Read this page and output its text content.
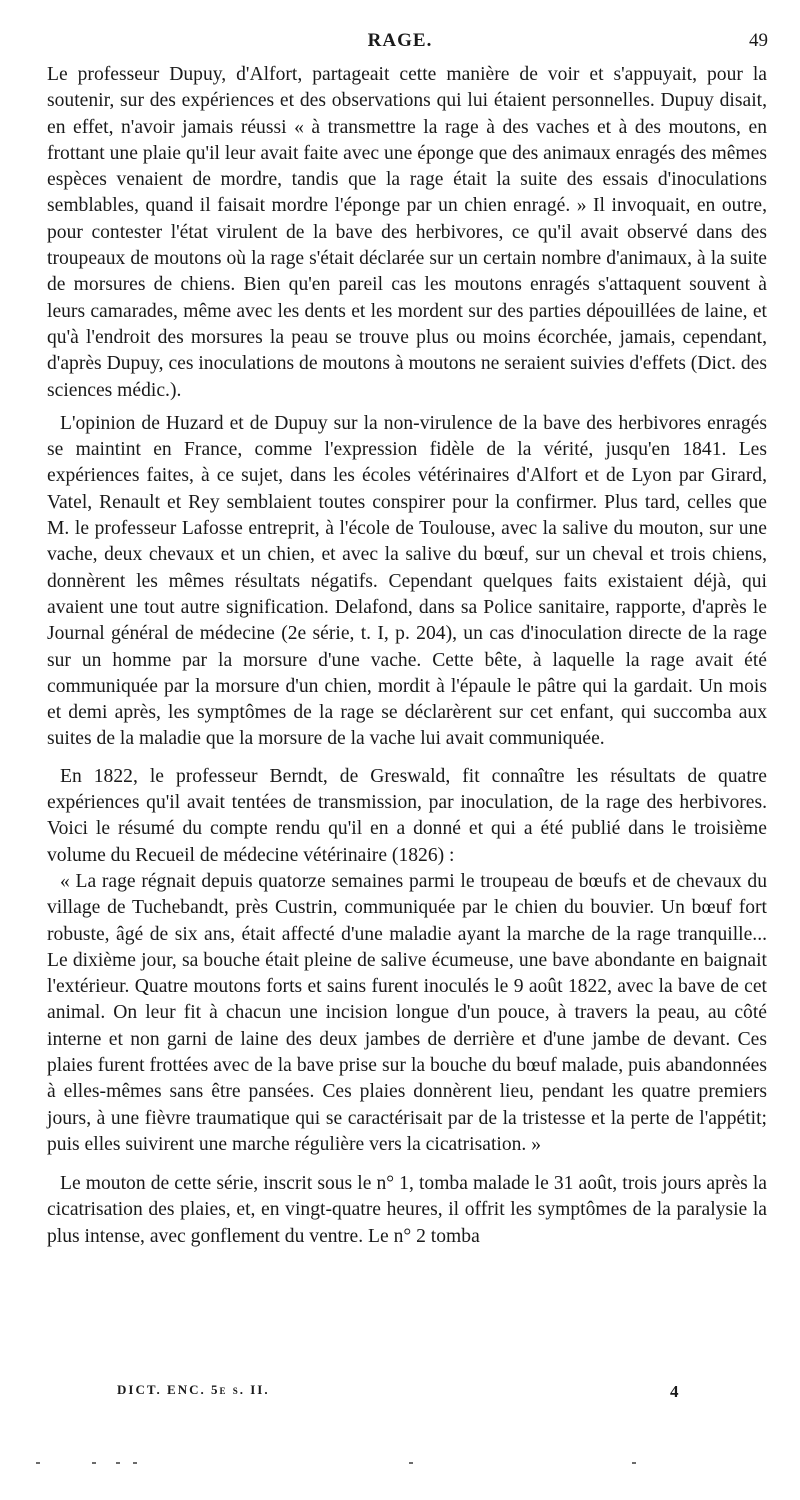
RAGE.	49

Le professeur Dupuy, d'Alfort, partageait cette manière de voir et s'appuyait, pour la soutenir, sur des expériences et des observations qui lui étaient personnelles. Dupuy disait, en effet, n'avoir jamais réussi « à transmettre la rage à des vaches et à des moutons, en frottant une plaie qu'il leur avait faite avec une éponge que des animaux enragés des mêmes espèces venaient de mordre, tandis que la rage était la suite des essais d'inoculations semblables, quand il faisait mordre l'éponge par un chien enragé. » Il invoquait, en outre, pour contester l'état virulent de la bave des herbivores, ce qu'il avait observé dans des troupeaux de moutons où la rage s'était déclarée sur un certain nombre d'animaux, à la suite de morsures de chiens. Bien qu'en pareil cas les moutons enragés s'attaquent souvent à leurs camarades, même avec les dents et les mordent sur des parties dépouillées de laine, et qu'à l'endroit des morsures la peau se trouve plus ou moins écorchée, jamais, cependant, d'après Dupuy, ces inoculations de moutons à moutons ne seraient suivies d'effets (Dict. des sciences médic.).

L'opinion de Huzard et de Dupuy sur la non-virulence de la bave des herbivores enragés se maintint en France, comme l'expression fidèle de la vérité, jusqu'en 1841. Les expériences faites, à ce sujet, dans les écoles vétérinaires d'Alfort et de Lyon par Girard, Vatel, Renault et Rey semblaient toutes conspirer pour la confirmer. Plus tard, celles que M. le professeur Lafosse entreprit, à l'école de Toulouse, avec la salive du mouton, sur une vache, deux chevaux et un chien, et avec la salive du bœuf, sur un cheval et trois chiens, donnèrent les mêmes résultats négatifs. Cependant quelques faits existaient déjà, qui avaient une tout autre signification. Delafond, dans sa Police sanitaire, rapporte, d'après le Journal général de médecine (2e série, t. I, p. 204), un cas d'inoculation directe de la rage sur un homme par la morsure d'une vache. Cette bête, à laquelle la rage avait été communiquée par la morsure d'un chien, mordit à l'épaule le pâtre qui la gardait. Un mois et demi après, les symptômes de la rage se déclarèrent sur cet enfant, qui succomba aux suites de la maladie que la morsure de la vache lui avait communiquée.

En 1822, le professeur Berndt, de Greswald, fit connaître les résultats de quatre expériences qu'il avait tentées de transmission, par inoculation, de la rage des herbivores. Voici le résumé du compte rendu qu'il en a donné et qui a été publié dans le troisième volume du Recueil de médecine vétérinaire (1826) :

« La rage régnait depuis quatorze semaines parmi le troupeau de bœufs et de chevaux du village de Tuchebandt, près Custrin, communiquée par le chien du bouvier. Un bœuf fort robuste, âgé de six ans, était affecté d'une maladie ayant la marche de la rage tranquille... Le dixième jour, sa bouche était pleine de salive écumeuse, une bave abondante en baignait l'extérieur. Quatre moutons forts et sains furent inoculés le 9 août 1822, avec la bave de cet animal. On leur fit à chacun une incision longue d'un pouce, à travers la peau, au côté interne et non garni de laine des deux jambes de derrière et d'une jambe de devant. Ces plaies furent frottées avec de la bave prise sur la bouche du bœuf malade, puis abandonnées à elles-mêmes sans être pansées. Ces plaies donnèrent lieu, pendant les quatre premiers jours, à une fièvre traumatique qui se caractérisait par de la tristesse et la perte de l'appétit; puis elles suivirent une marche régulière vers la cicatrisation. »

Le mouton de cette série, inscrit sous le n° 1, tomba malade le 31 août, trois jours après la cicatrisation des plaies, et, en vingt-quatre heures, il offrit les symptômes de la paralysie la plus intense, avec gonflement du ventre. Le n° 2 tomba

DICT. ENC. 5e s. II.	4
